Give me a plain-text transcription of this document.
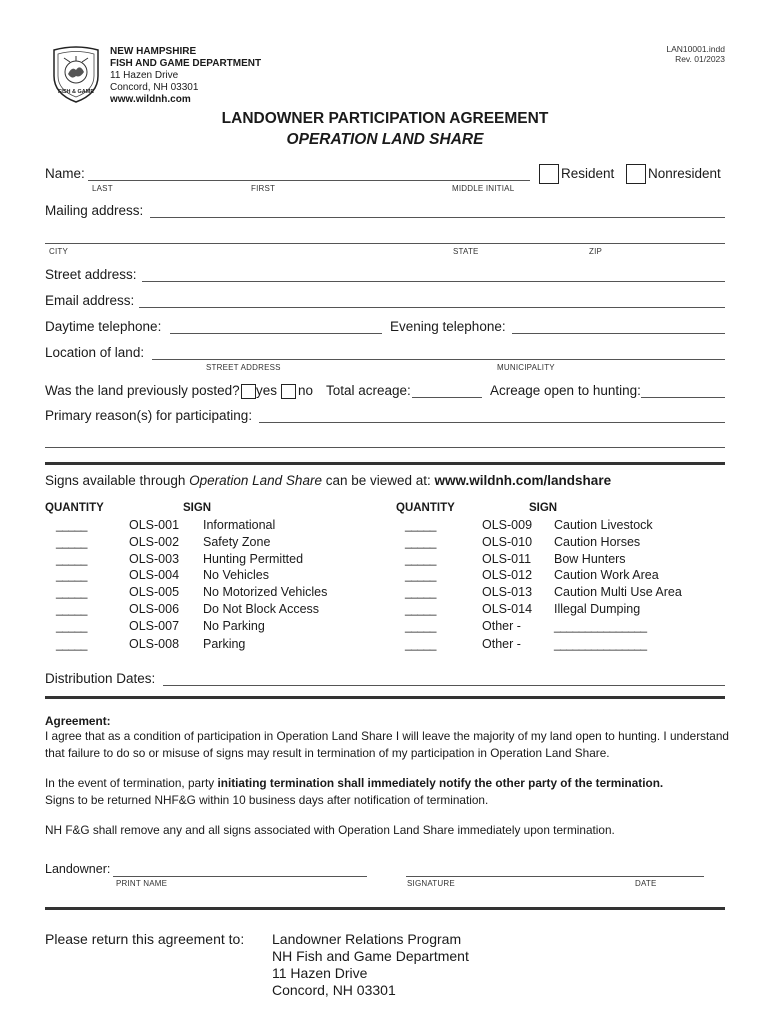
FISH & GAME
NEW HAMPSHIRE
FISH AND GAME DEPARTMENT
11 Hazen Drive
Concord, NH 03301
www.wildnh.com
LAN10001.indd
Rev. 01/2023
LANDOWNER PARTICIPATION AGREEMENT
OPERATION LAND SHARE
Name:
LAST	FIRST	MIDDLE INITIAL
Resident Nonresident
Mailing address:
CITY	STATE	ZIP
Street address:
Email address:
Daytime telephone:	Evening telephone:
Location of land:
STREET ADDRESS	MUNICIPALITY
Was the land previously posted? yes no Total acreage:	Acreage open to hunting:
Primary reason(s) for participating:
Signs available through Operation Land Share can be viewed at: www.wildnh.com/landshare
QUANTITY	SIGN	QUANTITY	SIGN
_____	OLS-001 Informational
_____	OLS-002 Safety Zone
_____	OLS-003 Hunting Permitted
_____	OLS-004 No Vehicles
_____	OLS-005 No Motorized Vehicles
_____	OLS-006 Do Not Block Access
_____	OLS-007 No Parking
_____	OLS-008 Parking
_____	OLS-009 Caution Livestock
_____	OLS-010 Caution Horses
_____	OLS-011 Bow Hunters
_____	OLS-012 Caution Work Area
_____	OLS-013 Caution Multi Use Area
_____	OLS-014 Illegal Dumping
_____	Other -	_______________
_____	Other -	_______________
Distribution Dates:
Agreement:
I agree that as a condition of participation in Operation Land Share I will leave the majority of my land open to hunting. I understand that failure to do so or misuse of signs may result in termination of my participation in Operation Land Share.
In the event of termination, party initiating termination shall immediately notify the other party of the termination.
Signs to be returned NHF&G within 10 business days after notification of termination.
NH F&G shall remove any and all signs associated with Operation Land Share immediately upon termination.
Landowner:
PRINT NAME	SIGNATURE	DATE
Please return this agreement to: Landowner Relations Program
NH Fish and Game Department
11 Hazen Drive
Concord, NH 03301
